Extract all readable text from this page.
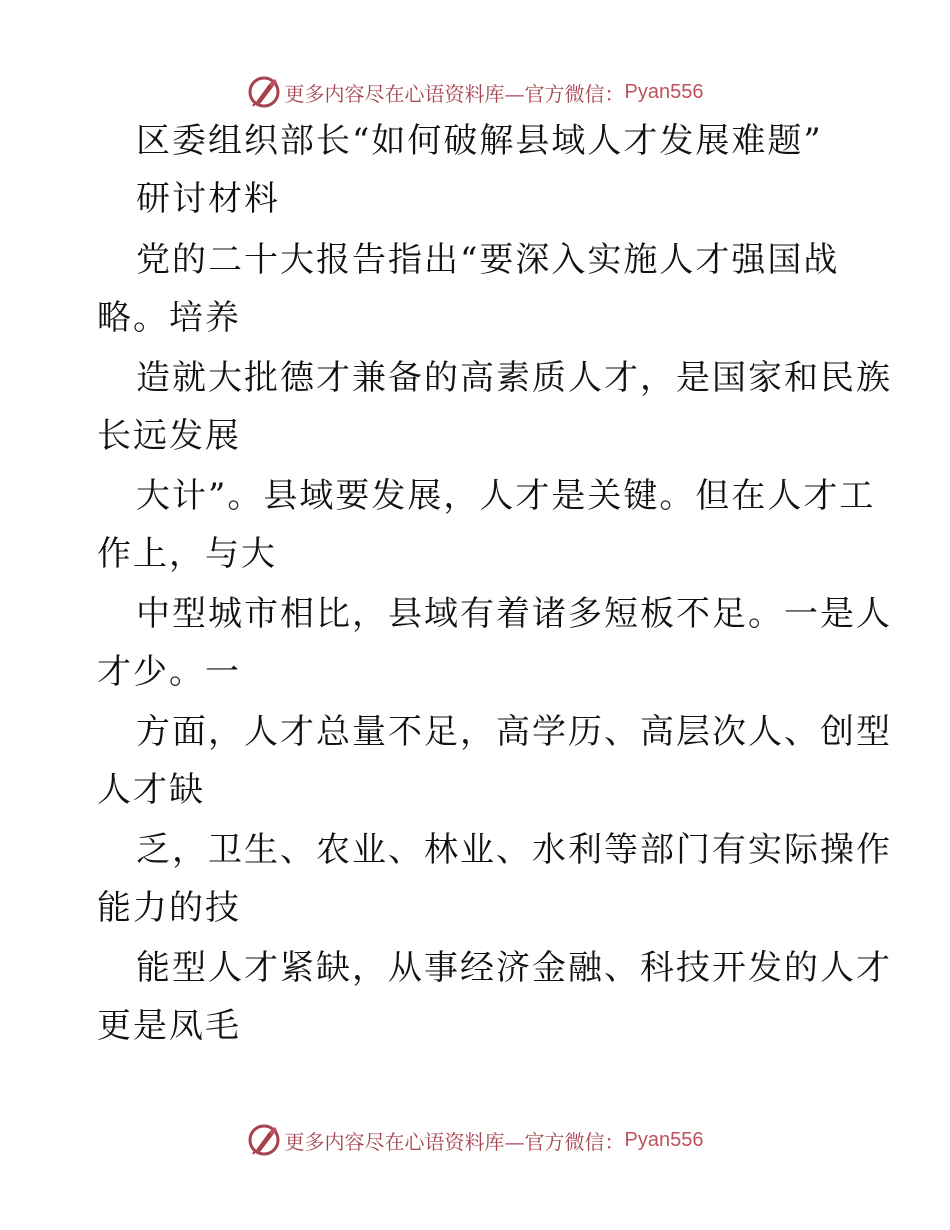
更多内容尽在心语资料库—官方微信： Pyan556
区委组织部长“如何破解县域人才发展难题”
研讨材料
党的二十大报告指出“要深入实施人才强国战
略。培养
造就大批德才兼备的高素质人才，是国家和民族
长远发展
大计”。县域要发展，人才是关键。但在人才工
作上，与大
中型城市相比，县域有着诸多短板不足。一是人
才少。一
方面，人才总量不足，高学历、高层次人、创型
人才缺
乏，卫生、农业、林业、水利等部门有实际操作
能力的技
能型人才紧缺，从事经济金融、科技开发的人才
更是凤毛
更多内容尽在心语资料库—官方微信： Pyan556
